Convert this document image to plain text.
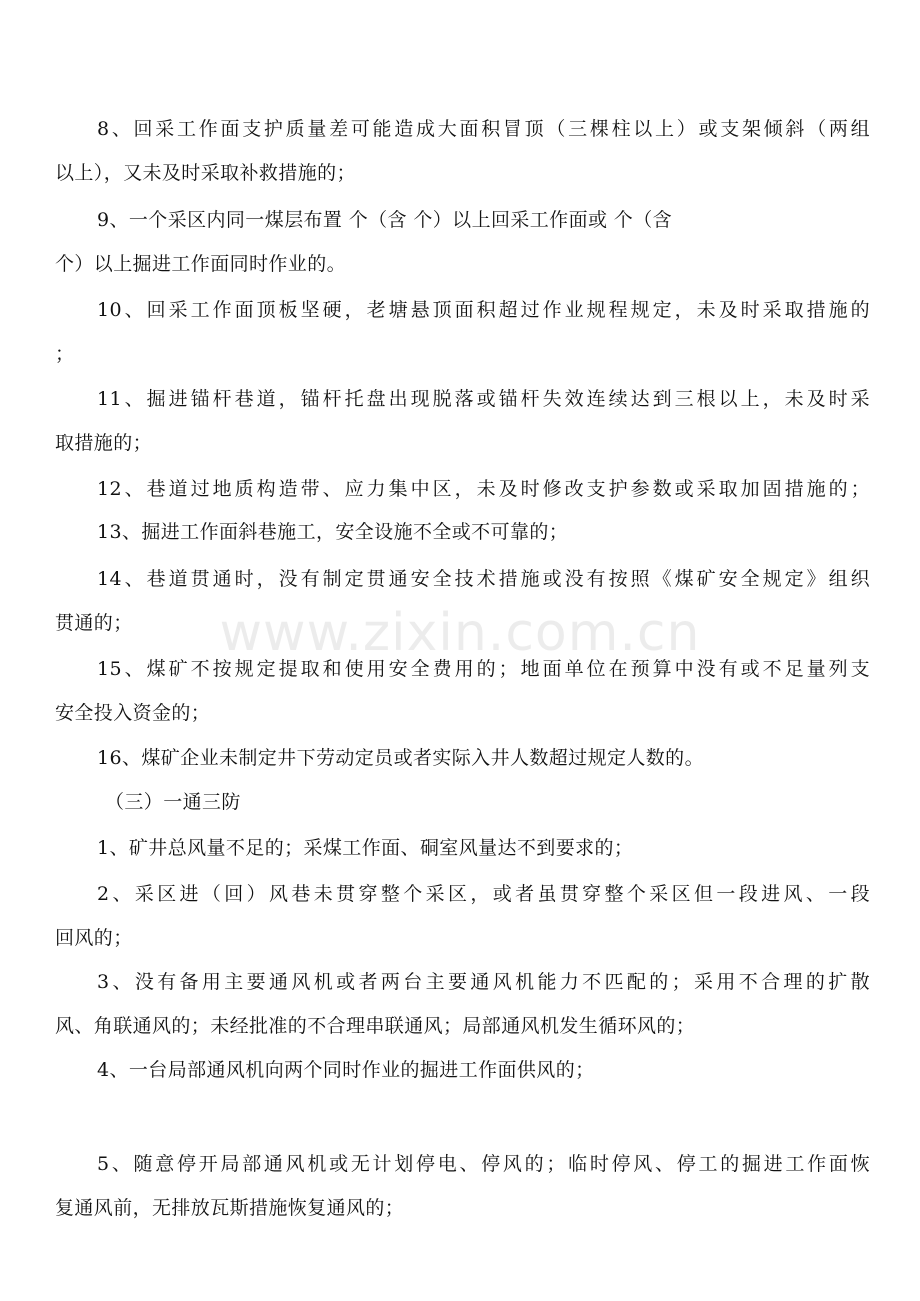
www.zixin.com.cn
8、回采工作面支护质量差可能造成大面积冒顶（三棵柱以上）或支架倾斜（两组
以上），又未及时采取补救措施的；
9、一个采区内同一煤层布置 个（含 个）以上回采工作面或 个（含
个）以上掘进工作面同时作业的。
10、回采工作面顶板坚硬，老塘悬顶面积超过作业规程规定，未及时采取措施的
；
11、掘进锚杆巷道，锚杆托盘出现脱落或锚杆失效连续达到三根以上，未及时采
取措施的；
12、巷道过地质构造带、应力集中区，未及时修改支护参数或采取加固措施的；
13、掘进工作面斜巷施工，安全设施不全或不可靠的；
14、巷道贯通时，没有制定贯通安全技术措施或没有按照《煤矿安全规定》组织
贯通的；
15、煤矿不按规定提取和使用安全费用的；地面单位在预算中没有或不足量列支
安全投入资金的；
16、煤矿企业未制定井下劳动定员或者实际入井人数超过规定人数的。
（三）一通三防
1、矿井总风量不足的；采煤工作面、硐室风量达不到要求的；
2、采区进（回）风巷未贯穿整个采区，或者虽贯穿整个采区但一段进风、一段
回风的；
3、没有备用主要通风机或者两台主要通风机能力不匹配的；采用不合理的扩散
风、角联通风的；未经批准的不合理串联通风；局部通风机发生循环风的；
4、一台局部通风机向两个同时作业的掘进工作面供风的；
5、随意停开局部通风机或无计划停电、停风的；临时停风、停工的掘进工作面恢
复通风前，无排放瓦斯措施恢复通风的；
